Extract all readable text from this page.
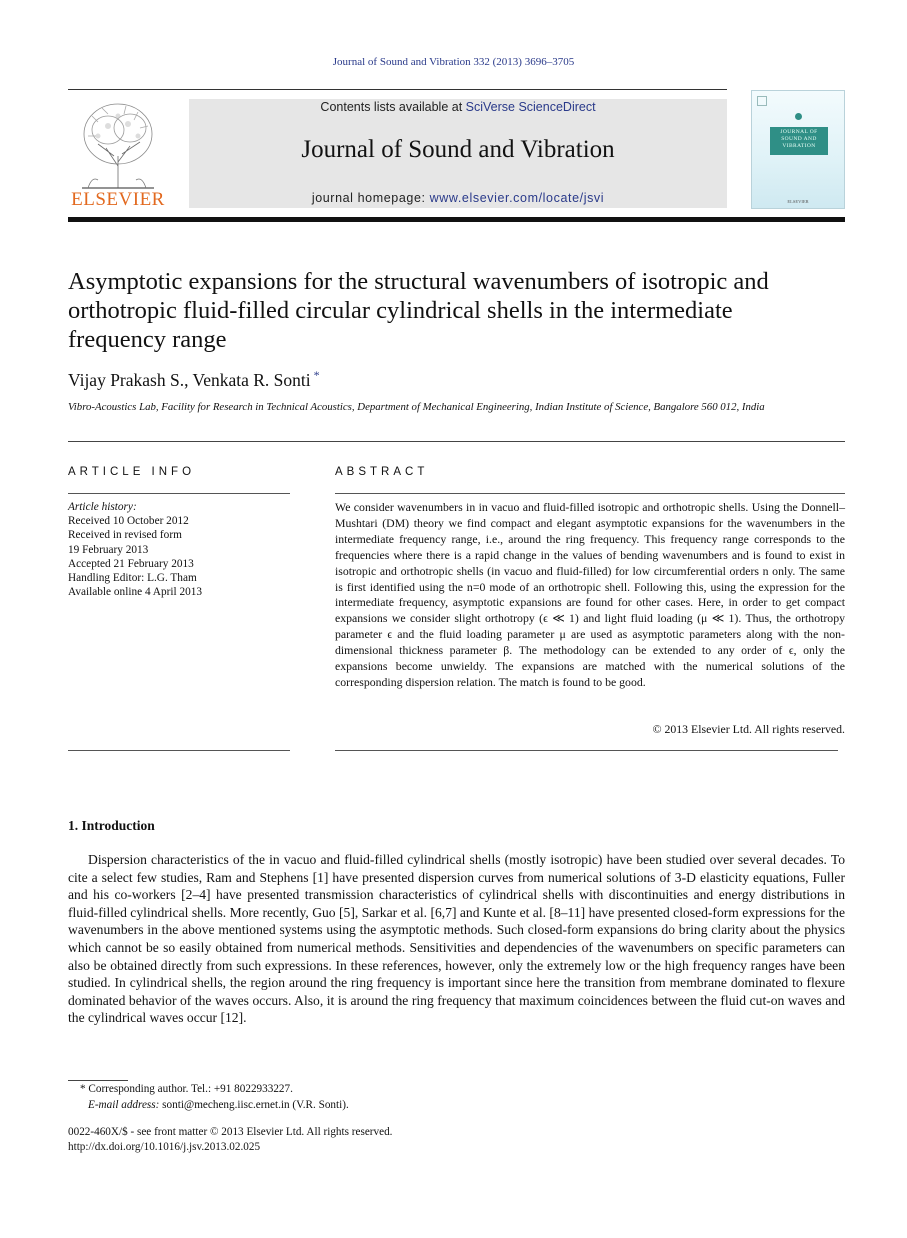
Journal of Sound and Vibration 332 (2013) 3696–3705
ELSEVIER
Contents lists available at SciVerse ScienceDirect
Journal of Sound and Vibration
journal homepage: www.elsevier.com/locate/jsvi
JOURNAL OF SOUND AND VIBRATION
ELSEVIER
Asymptotic expansions for the structural wavenumbers of isotropic and orthotropic fluid-filled circular cylindrical shells in the intermediate frequency range
Vijay Prakash S., Venkata R. Sonti *
Vibro-Acoustics Lab, Facility for Research in Technical Acoustics, Department of Mechanical Engineering, Indian Institute of Science, Bangalore 560 012, India
ARTICLE INFO
Article history:
Received 10 October 2012
Received in revised form
19 February 2013
Accepted 21 February 2013
Handling Editor: L.G. Tham
Available online 4 April 2013
ABSTRACT
We consider wavenumbers in in vacuo and fluid-filled isotropic and orthotropic shells. Using the Donnell–Mushtari (DM) theory we find compact and elegant asymptotic expansions for the wavenumbers in the intermediate frequency range, i.e., around the ring frequency. This frequency range corresponds to the frequencies where there is a rapid change in the values of bending wavenumbers and is found to exist in isotropic and orthotropic shells (in vacuo and fluid-filled) for low circumferential orders n only. The same is first identified using the n=0 mode of an orthotropic shell. Following this, using the expression for the intermediate frequency, asymptotic expansions are found for other cases. Here, in order to get compact expansions we consider slight orthotropy (ϵ ≪ 1) and light fluid loading (μ ≪ 1). Thus, the orthotropy parameter ϵ and the fluid loading parameter μ are used as asymptotic parameters along with the non-dimensional thickness parameter β. The methodology can be extended to any order of ϵ, only the expansions become unwieldy. The expansions are matched with the numerical solutions of the corresponding dispersion relation. The match is found to be good.
© 2013 Elsevier Ltd. All rights reserved.
1. Introduction
Dispersion characteristics of the in vacuo and fluid-filled cylindrical shells (mostly isotropic) have been studied over several decades. To cite a select few studies, Ram and Stephens [1] have presented dispersion curves from numerical solutions of 3-D elasticity equations, Fuller and his co-workers [2–4] have presented transmission characteristics of cylindrical shells with discontinuities and energy distributions in fluid-filled cylindrical shells. More recently, Guo [5], Sarkar et al. [6,7] and Kunte et al. [8–11] have presented closed-form expressions for the wavenumbers in the above mentioned systems using the asymptotic methods. Such closed-form expansions do bring clarity about the physics which cannot be so easily obtained from numerical methods. Sensitivities and dependencies of the wavenumbers on specific parameters can also be obtained directly from such expressions. In these references, however, only the extremely low or the high frequency ranges have been studied. In cylindrical shells, the region around the ring frequency is important since here the transition from membrane dominated to flexure dominated behavior of the waves occurs. Also, it is around the ring frequency that maximum coincidences between the fluid cut-on waves and the cylindrical waves occur [12].
* Corresponding author. Tel.: +91 8022933227.
E-mail address: sonti@mecheng.iisc.ernet.in (V.R. Sonti).
0022-460X/$ - see front matter © 2013 Elsevier Ltd. All rights reserved.
http://dx.doi.org/10.1016/j.jsv.2013.02.025
